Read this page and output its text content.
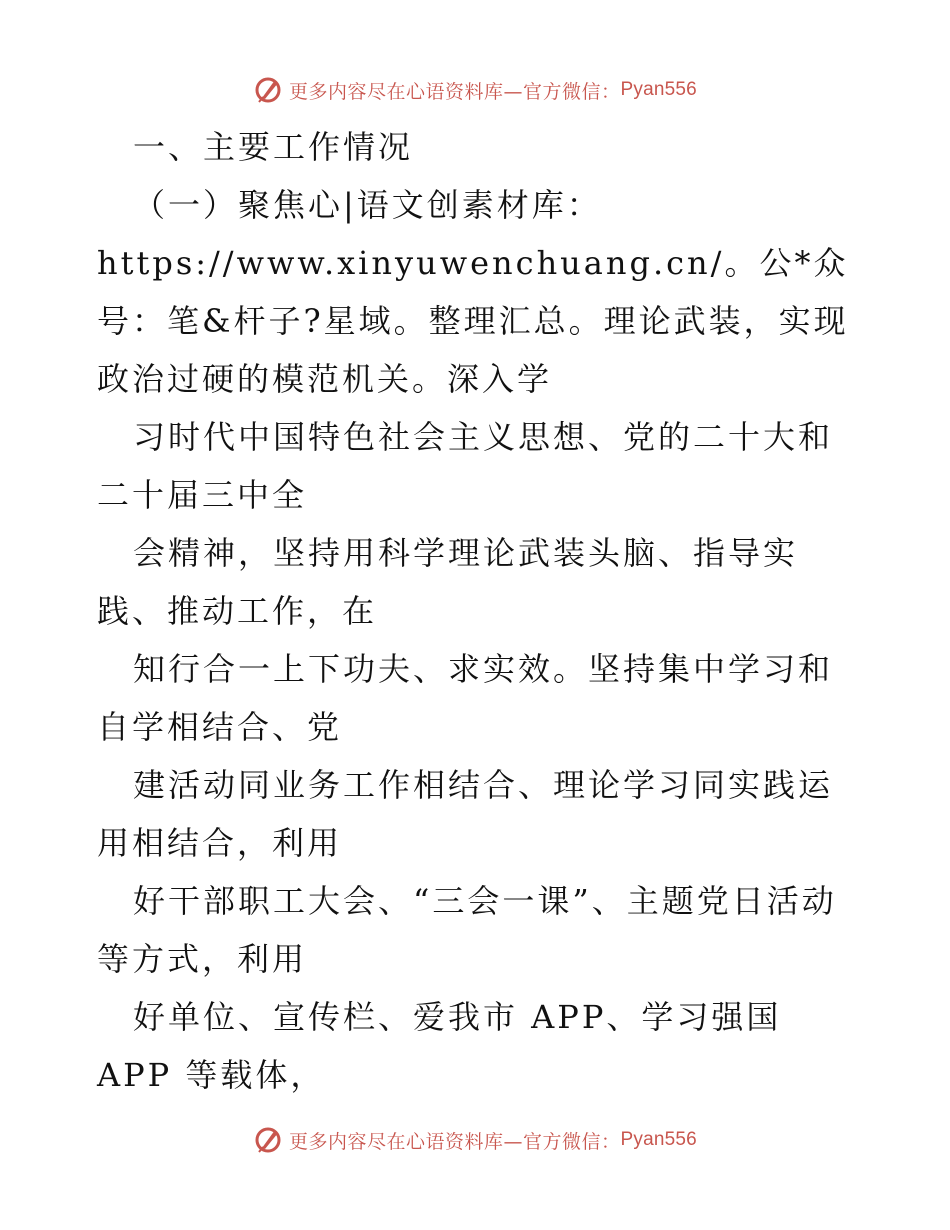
更多内容尽在心语资料库—官方微信： Pyan556
一、主要工作情况

（一）聚焦心|语文创素材库：https://www.xinyuwenchuang.cn/。公*众号：笔&杆子?星域。整理汇总。理论武装，实现政治过硬的模范机关。深入学

习时代中国特色社会主义思想、党的二十大和二十届三中全

会精神，坚持用科学理论武装头脑、指导实践、推动工作，在

知行合一上下功夫、求实效。坚持集中学习和自学相结合、党

建活动同业务工作相结合、理论学习同实践运用相结合，利用

好干部职工大会、“三会一课”、主题党日活动等方式，利用

好单位、宣传栏、爱我市 APP、学习强国 APP 等载体，

更多内容尽在心语资料库—官方微信： Pyan556
